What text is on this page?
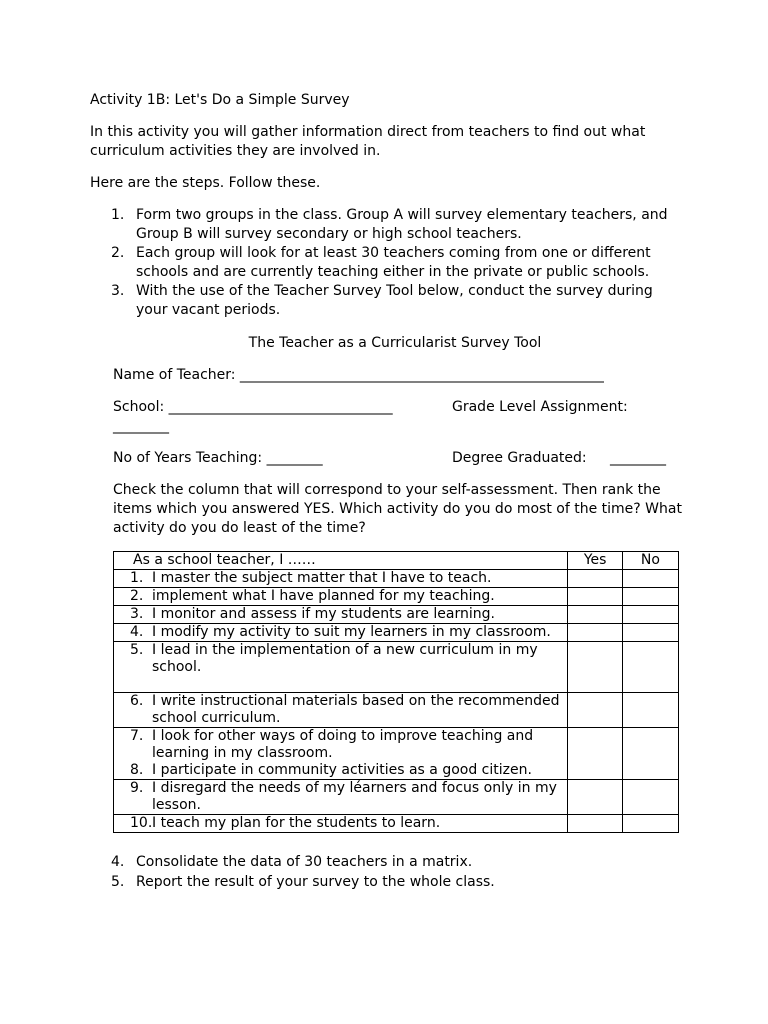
Activity 1B: Let's Do a Simple Survey

In this activity you will gather information direct from teachers to find out what curriculum activities they are involved in.

Here are the steps. Follow these.

1. Form two groups in the class. Group A will survey elementary teachers, and Group B will survey secondary or high school teachers.
2. Each group will look for at least 30 teachers coming from one or different schools and are currently teaching either in the private or public schools.
3. With the use of the Teacher Survey Tool below, conduct the survey during your vacant periods.

The Teacher as a Curricularist Survey Tool

Name of Teacher: ____________________________________________________

School: ________________________________	Grade Level Assignment:

________

No of Years Teaching: ________	Degree Graduated: ________

Check the column that will correspond to your self-assessment. Then rank the items which you answered YES. Which activity do you do most of the time? What activity do you do least of the time?

As a school teacher, I ……	Yes	No

1. I master the subject matter that I have to teach.		

2. implement what I have planned for my teaching.		

3. I monitor and assess if my students are learning.		

4. I modify my activity to suit my learners in my classroom.		

5. I lead in the implementation of a new curriculum in my school.		

6. I write instructional materials based on the recommended school curriculum.		

7. I look for other ways of doing to improve teaching and learning in my classroom.
8. I participate in community activities as a good citizen.		

9. I disregard the needs of my léarners and focus only in my lesson.		

10. I teach my plan for the students to learn.		

4. Consolidate the data of 30 teachers in a matrix.
5. Report the result of your survey to the whole class.
